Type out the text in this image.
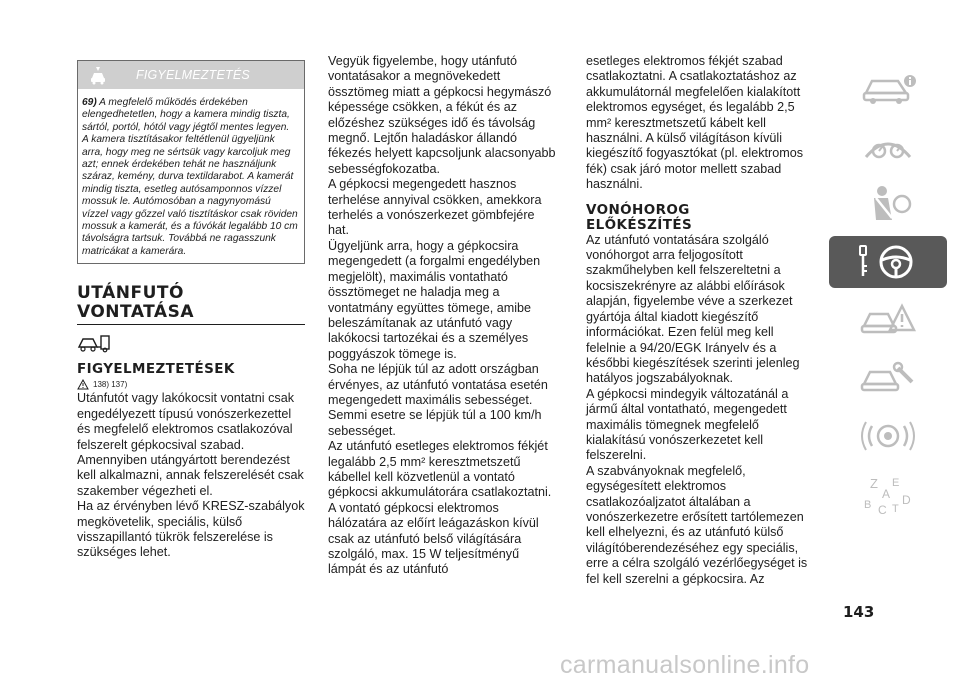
FIGYELMEZTETÉS
69) A megfelelő működés érdekében elengedhetetlen, hogy a kamera mindig tiszta, sártól, portól, hótól vagy jégtől mentes legyen. A kamera tisztításakor feltétlenül ügyeljünk arra, hogy meg ne sértsük vagy karcoljuk meg azt; ennek érdekében tehát ne használjunk száraz, kemény, durva textildarabot. A kamerát mindig tiszta, esetleg autósamponnos vízzel mossuk le. Autómosóban a nagynyomású vízzel vagy gőzzel való tisztításkor csak röviden mossuk a kamerát, és a fúvókát legalább 10 cm távolságra tartsuk. Továbbá ne ragasszunk matricákat a kamerára.
UTÁNFUTÓ
VONTATÁSA
FIGYELMEZTETÉSEK
138) 137)

Utánfutót vagy lakókocsit vontatni csak engedélyezett típusú vonószerkezettel és megfelelő elektromos csatlakozóval felszerelt gépkocsival szabad.

Amennyiben utángyártott berendezést kell alkalmazni, annak felszerelését csak szakember végezheti el.

Ha az érvényben lévő KRESZ-szabályok megkövetelik, speciális, külső visszapillantó tükrök felszerelése is szükséges lehet.

Vegyük figyelembe, hogy utánfutó vontatásakor a megnövekedett össztömeg miatt a gépkocsi hegymászó képessége csökken, a fékút és az előzéshez szükséges idő és távolság megnő. Lejtőn haladáskor állandó fékezés helyett kapcsoljunk alacsonyabb sebességfokozatba.

A gépkocsi megengedett hasznos terhelése annyival csökken, amekkora terhelés a vonószerkezet gömbfejére hat.

Ügyeljünk arra, hogy a gépkocsira megengedett (a forgalmi engedélyben megjelölt), maximális vontatható össztömeget ne haladja meg a vontatmány együttes tömege, amibe beleszámítanak az utánfutó vagy lakókocsi tartozékai és a személyes poggyászok tömege is.

Soha ne lépjük túl az adott országban érvényes, az utánfutó vontatása esetén megengedett maximális sebességet. Semmi esetre se lépjük túl a 100 km/h sebességet.

Az utánfutó esetleges elektromos fékjét legalább 2,5 mm² keresztmetszetű kábellel kell közvetlenül a vontató gépkocsi akkumulátorára csatlakoztatni. A vontató gépkocsi elektromos hálózatára az előírt leágazáskon kívül csak az utánfutó belső világítására szolgáló, max. 15 W teljesítményű lámpát és az utánfutó

esetleges elektromos fékjét szabad csatlakoztatni. A csatlakoztatáshoz az akkumulátornál megfelelően kialakított elektromos egységet, és legalább 2,5 mm² keresztmetszetű kábelt kell használni. A külső világításon kívüli kiegészítő fogyasztókat (pl. elektromos fék) csak járó motor mellett szabad használni.

VONÓHOROG
ELŐKÉSZÍTÉS

Az utánfutó vontatására szolgáló vonóhorgot arra feljogosított szakműhelyben kell felszereltetni a kocsiszekrényre az alábbi előírások alapján, figyelembe véve a szerkezet gyártója által kiadott kiegészítő információkat. Ezen felül meg kell felelnie a 94/20/EGK Irányelv és a későbbi kiegészítések szerinti jelenleg hatályos jogszabályoknak.

A gépkocsi mindegyik változatánál a jármű által vontatható, megengedett maximális tömegnek megfelelő kialakítású vonószerkezetet kell felszerelni.

A szabványoknak megfelelő, egységesített elektromos csatlakozóaljzatot általában a vonószerkezetre erősített tartólemezen kell elhelyezni, és az utánfutó külső világítóberendezéséhez egy speciális, erre a célra szolgáló vezérlőegységet is fel kell szerelni a gépkocsira. Az

Z E
A
B C T
D
143
carmanualsonline.info
